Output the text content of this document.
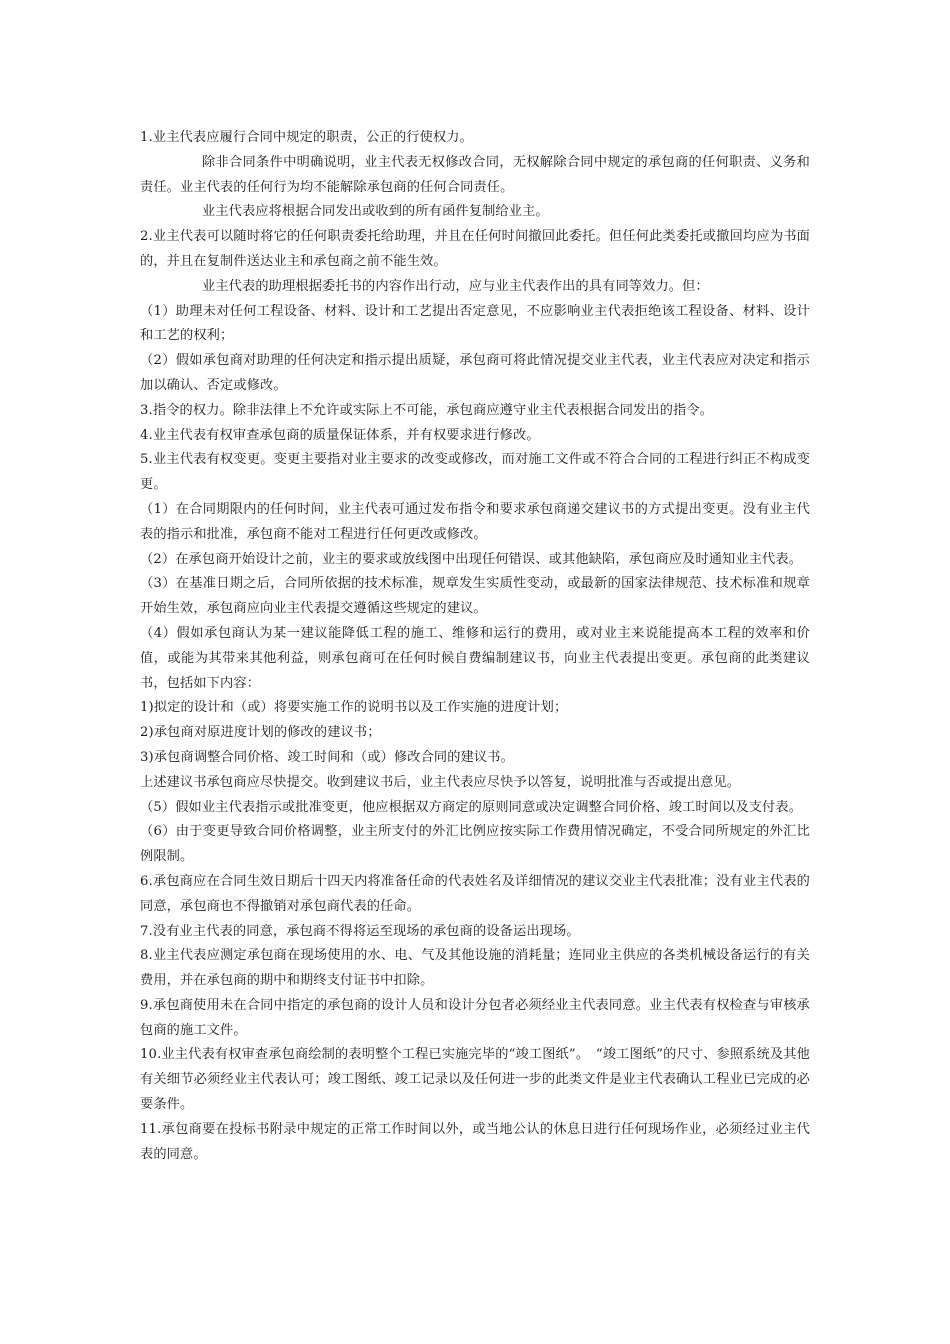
1.业主代表应履行合同中规定的职责，公正的行使权力。

除非合同条件中明确说明，业主代表无权修改合同，无权解除合同中规定的承包商的任何职责、义务和责任。业主代表的任何行为均不能解除承包商的任何合同责任。

业主代表应将根据合同发出或收到的所有函件复制给业主。

2.业主代表可以随时将它的任何职责委托给助理，并且在任何时间撤回此委托。但任何此类委托或撤回均应为书面的，并且在复制件送达业主和承包商之前不能生效。

业主代表的助理根据委托书的内容作出行动，应与业主代表作出的具有同等效力。但：

（1）助理未对任何工程设备、材料、设计和工艺提出否定意见，不应影响业主代表拒绝该工程设备、材料、设计和工艺的权利；

（2）假如承包商对助理的任何决定和指示提出质疑，承包商可将此情况提交业主代表，业主代表应对决定和指示加以确认、否定或修改。

3.指令的权力。除非法律上不允许或实际上不可能，承包商应遵守业主代表根据合同发出的指令。

4.业主代表有权审查承包商的质量保证体系，并有权要求进行修改。

5.业主代表有权变更。变更主要指对业主要求的改变或修改，而对施工文件或不符合合同的工程进行纠正不构成变更。

（1）在合同期限内的任何时间，业主代表可通过发布指令和要求承包商递交建议书的方式提出变更。没有业主代表的指示和批准，承包商不能对工程进行任何更改或修改。

（2）在承包商开始设计之前，业主的要求或放线图中出现任何错误、或其他缺陷，承包商应及时通知业主代表。

（3）在基准日期之后，合同所依据的技术标准，规章发生实质性变动，或最新的国家法律规范、技术标准和规章开始生效，承包商应向业主代表提交遵循这些规定的建议。

（4）假如承包商认为某一建议能降低工程的施工、维修和运行的费用，或对业主来说能提高本工程的效率和价值，或能为其带来其他利益，则承包商可在任何时候自费编制建议书，向业主代表提出变更。承包商的此类建议书，包括如下内容：

1)拟定的设计和（或）将要实施工作的说明书以及工作实施的进度计划；

2)承包商对原进度计划的修改的建议书；

3)承包商调整合同价格、竣工时间和（或）修改合同的建议书。

上述建议书承包商应尽快提交。收到建议书后，业主代表应尽快予以答复，说明批准与否或提出意见。

（5）假如业主代表指示或批准变更，他应根据双方商定的原则同意或决定调整合同价格、竣工时间以及支付表。

（6）由于变更导致合同价格调整，业主所支付的外汇比例应按实际工作费用情况确定，不受合同所规定的外汇比例限制。

6.承包商应在合同生效日期后十四天内将准备任命的代表姓名及详细情况的建议交业主代表批准；没有业主代表的同意，承包商也不得撤销对承包商代表的任命。

7.没有业主代表的同意，承包商不得将运至现场的承包商的设备运出现场。

8.业主代表应测定承包商在现场使用的水、电、气及其他设施的消耗量；连同业主供应的各类机械设备运行的有关费用，并在承包商的期中和期终支付证书中扣除。

9.承包商使用未在合同中指定的承包商的设计人员和设计分包者必须经业主代表同意。业主代表有权检查与审核承包商的施工文件。

10.业主代表有权审查承包商绘制的表明整个工程已实施完毕的“竣工图纸”。　“竣工图纸”的尺寸、参照系统及其他有关细节必须经业主代表认可；竣工图纸、竣工记录以及任何进一步的此类文件是业主代表确认工程业已完成的必要条件。

11.承包商要在投标书附录中规定的正常工作时间以外，或当地公认的休息日进行任何现场作业，必须经过业主代表的同意。
